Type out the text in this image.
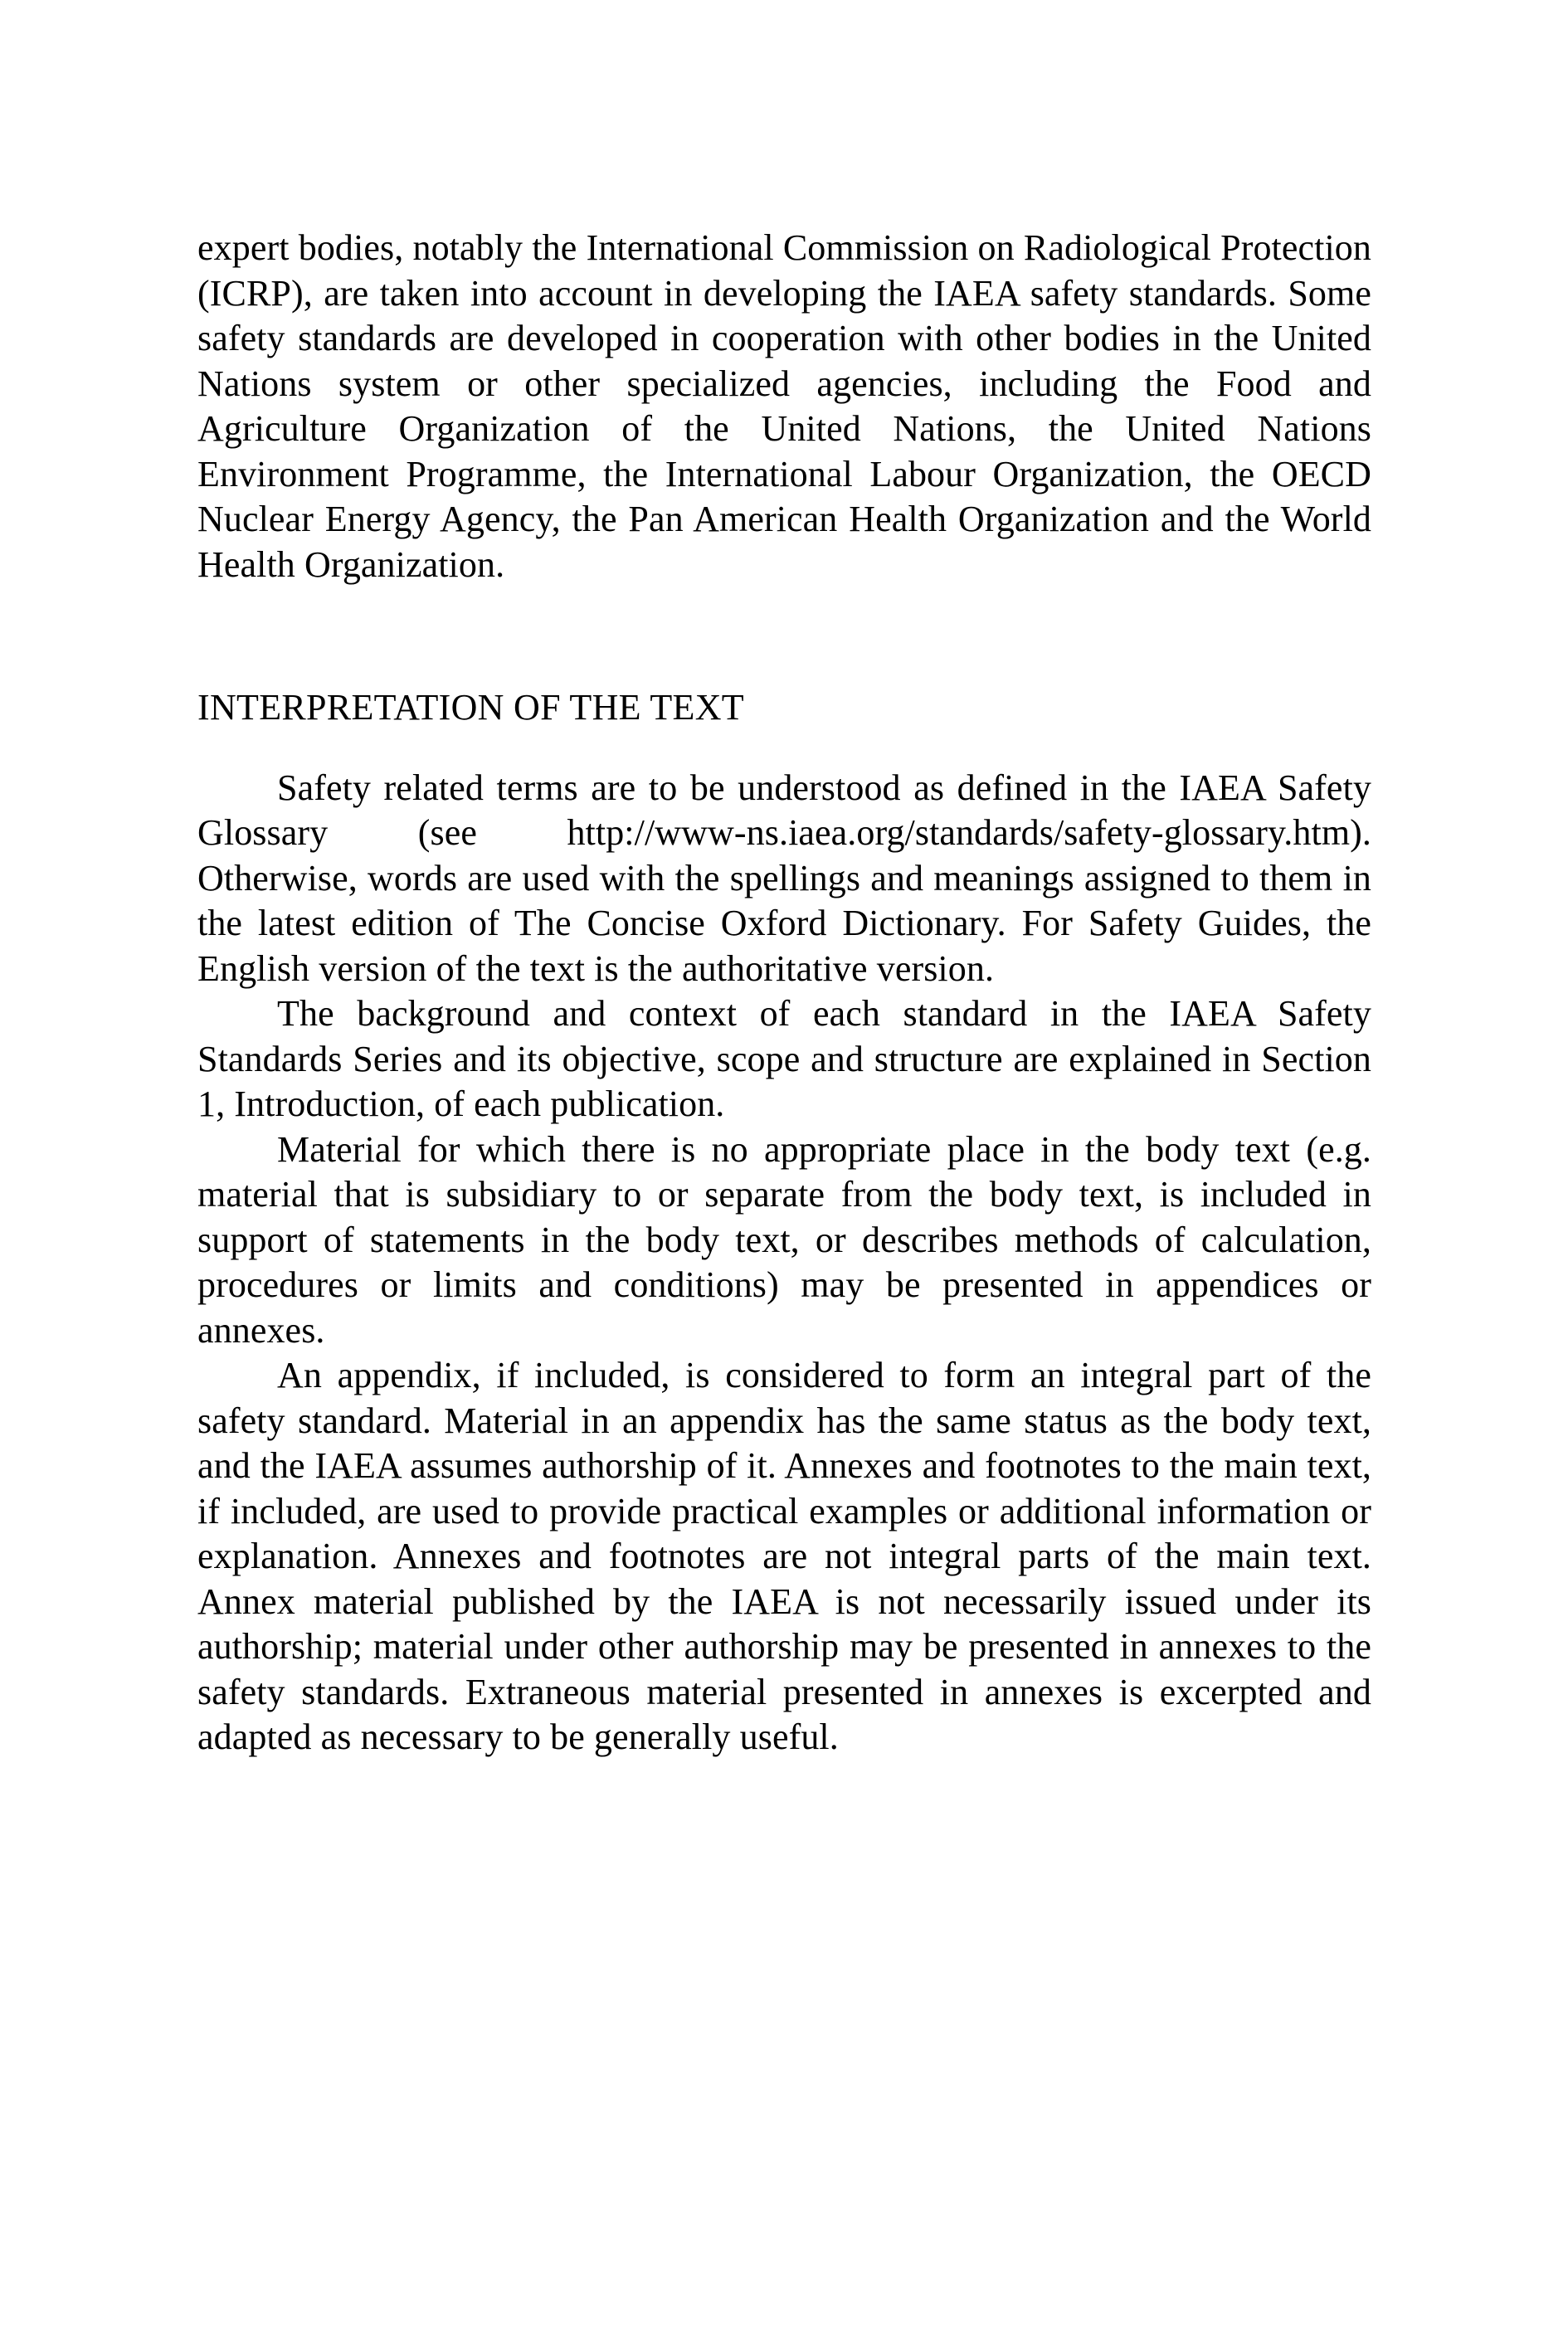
expert bodies, notably the International Commission on Radiological Protection (ICRP), are taken into account in developing the IAEA safety standards. Some safety standards are developed in cooperation with other bodies in the United Nations system or other specialized agencies, including the Food and Agriculture Organization of the United Nations, the United Nations Environment Programme, the International Labour Organization, the OECD Nuclear Energy Agency, the Pan American Health Organization and the World Health Organization.

INTERPRETATION OF THE TEXT

Safety related terms are to be understood as defined in the IAEA Safety Glossary (see http://www-ns.iaea.org/standards/safety-glossary.htm). Otherwise, words are used with the spellings and meanings assigned to them in the latest edition of The Concise Oxford Dictionary. For Safety Guides, the English version of the text is the authoritative version.

The background and context of each standard in the IAEA Safety Standards Series and its objective, scope and structure are explained in Section 1, Introduction, of each publication.

Material for which there is no appropriate place in the body text (e.g. material that is subsidiary to or separate from the body text, is included in support of statements in the body text, or describes methods of calculation, procedures or limits and conditions) may be presented in appendices or annexes.

An appendix, if included, is considered to form an integral part of the safety standard. Material in an appendix has the same status as the body text, and the IAEA assumes authorship of it. Annexes and footnotes to the main text, if included, are used to provide practical examples or additional information or explanation. Annexes and footnotes are not integral parts of the main text. Annex material published by the IAEA is not necessarily issued under its authorship; material under other authorship may be presented in annexes to the safety standards. Extraneous material presented in annexes is excerpted and adapted as necessary to be generally useful.
